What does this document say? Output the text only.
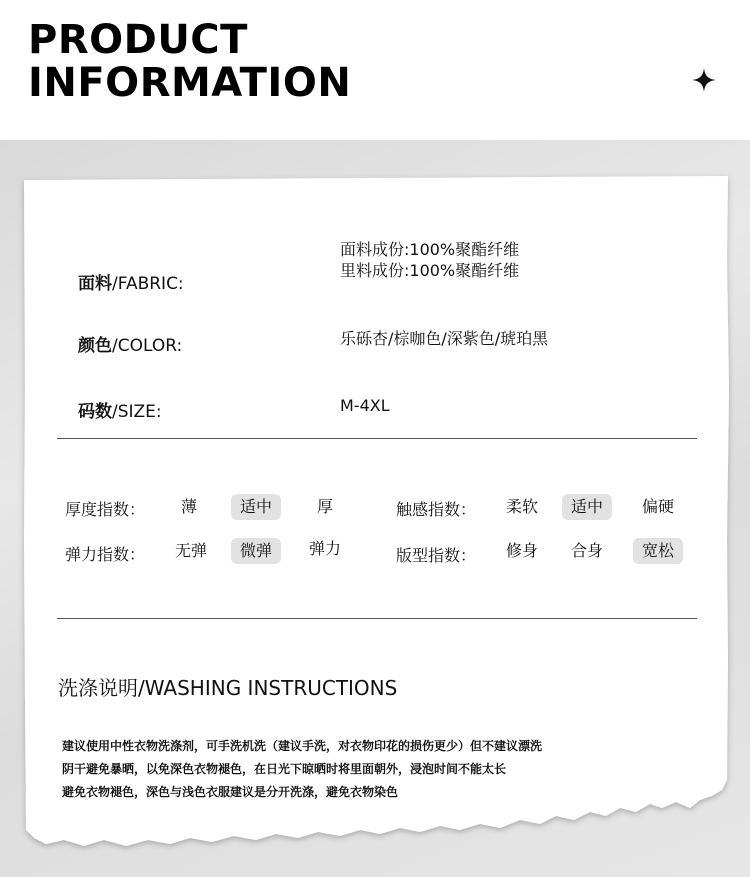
PRODUCT
INFORMATION
面料/FABRIC:
面料成份:100%聚酯纤维
里料成份:100%聚酯纤维
颜色/COLOR:	乐砾杏/棕咖色/深紫色/琥珀黑
码数/SIZE:	M-4XL
厚度指数：	薄	适中	厚	触感指数：	柔软	适中	偏硬
弹力指数：	无弹	微弹	弹力	版型指数：	修身	合身	宽松
洗涤说明/WASHING INSTRUCTIONS
建议使用中性衣物洗涤剂，可手洗机洗（建议手洗，对衣物印花的损伤更少）但不建议漂洗
阴干避免暴晒，以免深色衣物褪色，在日光下晾晒时将里面朝外，浸泡时间不能太长
避免衣物褪色，深色与浅色衣服建议是分开洗涤，避免衣物染色
